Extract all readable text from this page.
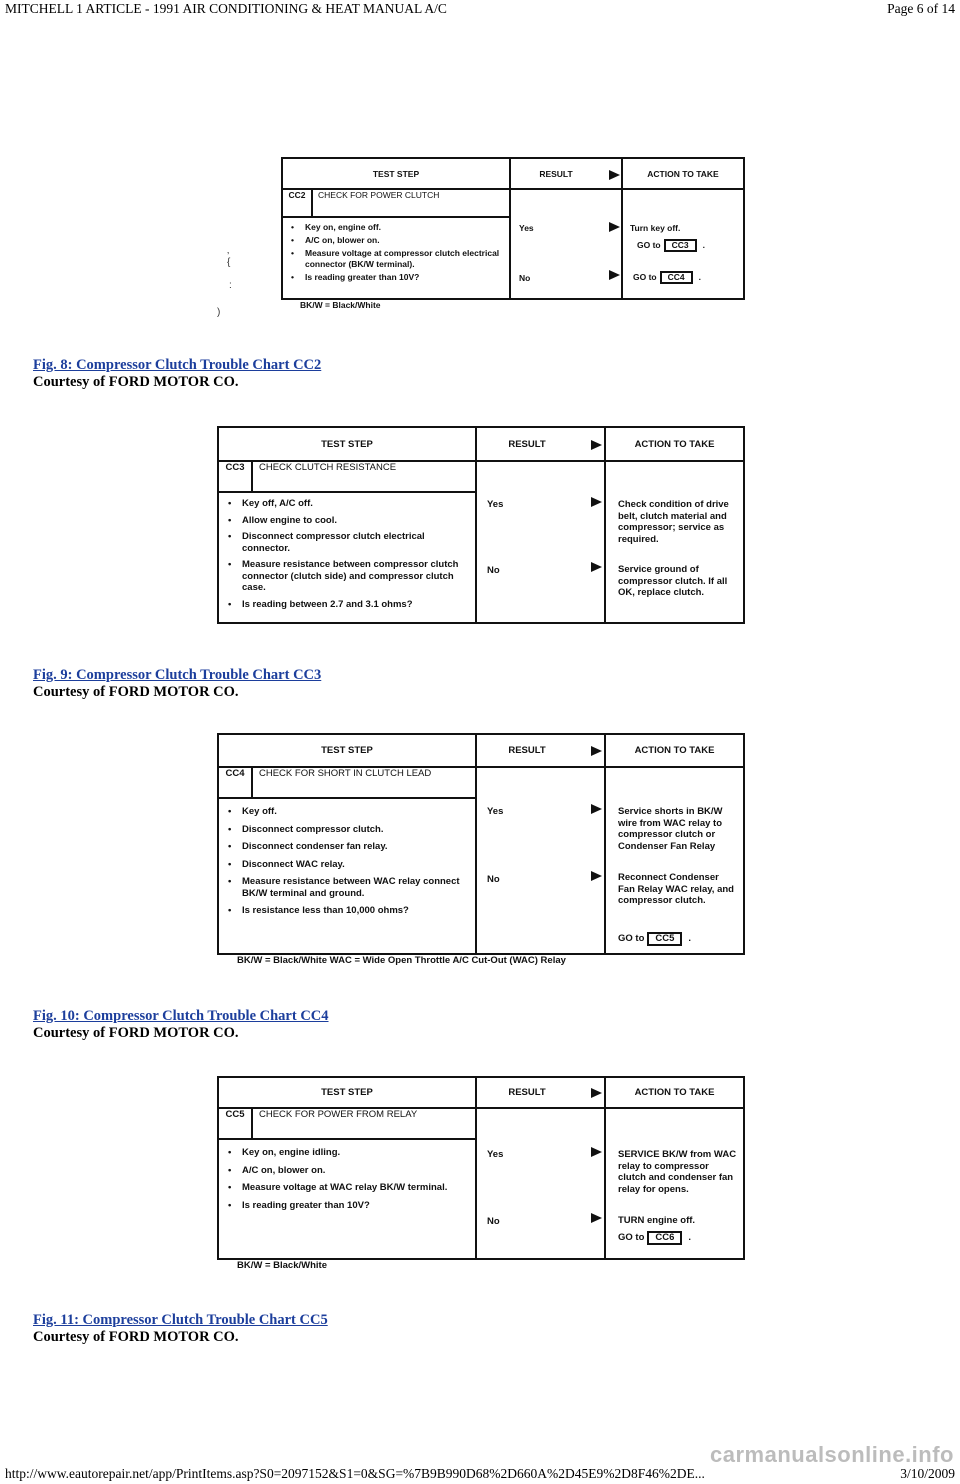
MITCHELL 1 ARTICLE - 1991 AIR CONDITIONING & HEAT MANUAL A/C	Page 6 of 14
http://www.eautorepair.net/app/PrintItems.asp?S0=2097152&S1=0&SG=%7B9B990D68%2D660A%2D45E9%2D8F46%2DE...	3/10/2009
carmanualsonline.info
‚
{
:
)
TEST STEP	RESULT	ACTION TO TAKE
CC2	CHECK FOR POWER CLUTCH
• Key on, engine off.
• A/C on, blower on.
• Measure voltage at compressor clutch electrical connector (BK/W terminal).
• Is reading greater than 10V?
Yes	Turn key off.
GO to CC3 .
No	GO to CC4 .
BK/W = Black/White
Fig. 8: Compressor Clutch Trouble Chart CC2
Courtesy of FORD MOTOR CO.
TEST STEP	RESULT	ACTION TO TAKE
CC3	CHECK CLUTCH RESISTANCE
• Key off, A/C off.
• Allow engine to cool.
• Disconnect compressor clutch electrical connector.
• Measure resistance between compressor clutch connector (clutch side) and compressor clutch case.
• Is reading between 2.7 and 3.1 ohms?
Yes	Check condition of drive belt, clutch material and compressor; service as required.
No	Service ground of compressor clutch. If all OK, replace clutch.
Fig. 9: Compressor Clutch Trouble Chart CC3
Courtesy of FORD MOTOR CO.
TEST STEP	RESULT	ACTION TO TAKE
CC4	CHECK FOR SHORT IN CLUTCH LEAD
• Key off.
• Disconnect compressor clutch.
• Disconnect condenser fan relay.
• Disconnect WAC relay.
• Measure resistance between WAC relay connect BK/W terminal and ground.
• Is resistance less than 10,000 ohms?
Yes	Service shorts in BK/W wire from WAC relay to compressor clutch or Condenser Fan Relay
No	Reconnect Condenser Fan Relay WAC relay, and compressor clutch.
GO to CC5 .
BK/W = Black/White WAC = Wide Open Throttle A/C Cut-Out (WAC) Relay
Fig. 10: Compressor Clutch Trouble Chart CC4
Courtesy of FORD MOTOR CO.
TEST STEP	RESULT	ACTION TO TAKE
CC5	CHECK FOR POWER FROM RELAY
• Key on, engine idling.
• A/C on, blower on.
• Measure voltage at WAC relay BK/W terminal.
• Is reading greater than 10V?
Yes	SERVICE BK/W from WAC relay to compressor clutch and condenser fan relay for opens.
No	TURN engine off.
GO to CC6 .
BK/W = Black/White
Fig. 11: Compressor Clutch Trouble Chart CC5
Courtesy of FORD MOTOR CO.
